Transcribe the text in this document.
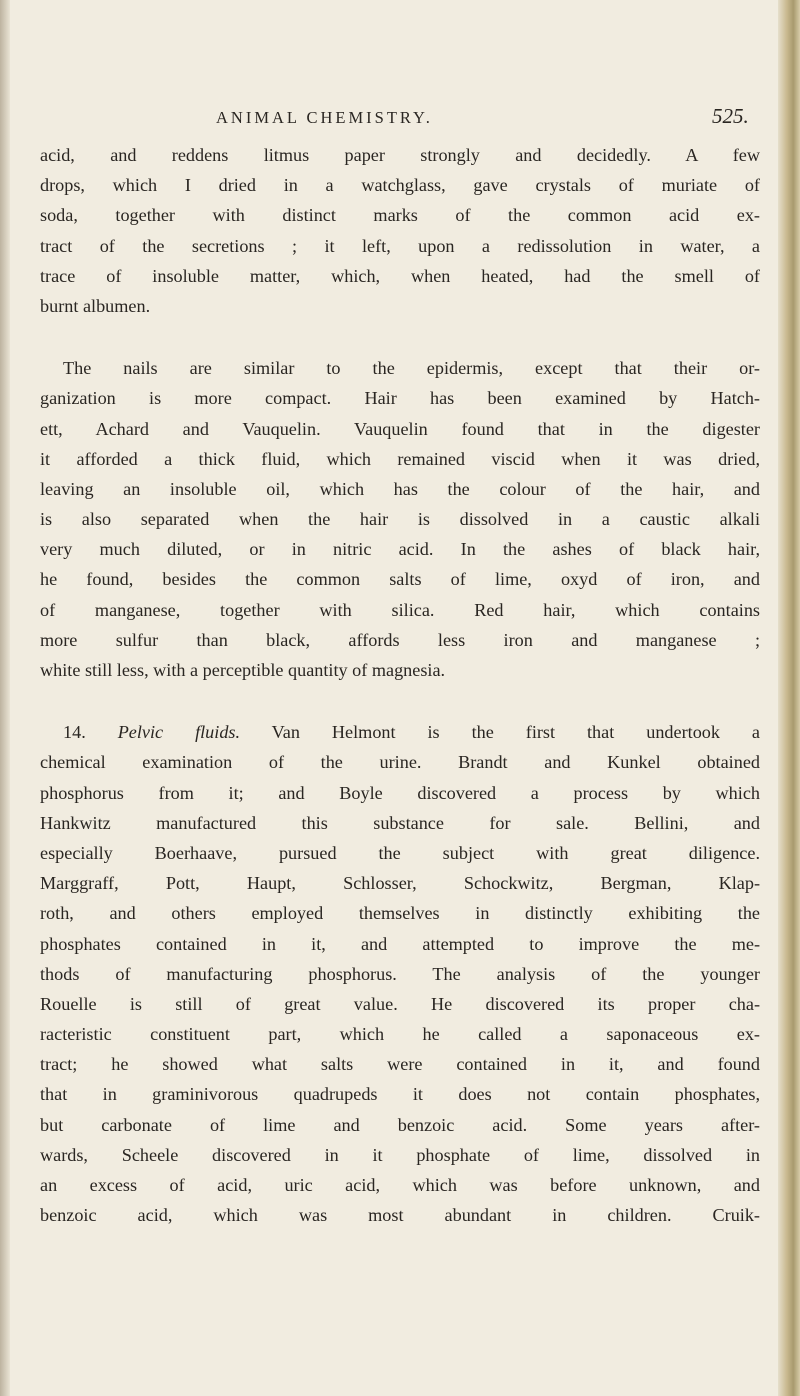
ANIMAL CHEMISTRY.	525.
acid, and reddens litmus paper strongly and decidedly. A few
drops, which I dried in a watchglass, gave crystals of muriate of
soda, together with distinct marks of the common acid ex-
tract of the secretions ; it left, upon a redissolution in water, a
trace of insoluble matter, which, when heated, had the smell of
burnt albumen.
The nails are similar to the epidermis, except that their or-
ganization is more compact. Hair has been examined by Hatch-
ett, Achard and Vauquelin. Vauquelin found that in the digester
it afforded a thick fluid, which remained viscid when it was dried,
leaving an insoluble oil, which has the colour of the hair, and
is also separated when the hair is dissolved in a caustic alkali
very much diluted, or in nitric acid. In the ashes of black hair,
he found, besides the common salts of lime, oxyd of iron, and
of manganese, together with silica. Red hair, which contains
more sulfur than black, affords less iron and manganese ;
white still less, with a perceptible quantity of magnesia.
14. Pelvic fluids. Van Helmont is the first that undertook a
chemical examination of the urine. Brandt and Kunkel obtained
phosphorus from it; and Boyle discovered a process by which
Hankwitz manufactured this substance for sale. Bellini, and
especially Boerhaave, pursued the subject with great diligence.
Marggraff, Pott, Haupt, Schlosser, Schockwitz, Bergman, Klap-
roth, and others employed themselves in distinctly exhibiting the
phosphates contained in it, and attempted to improve the me-
thods of manufacturing phosphorus. The analysis of the younger
Rouelle is still of great value. He discovered its proper cha-
racteristic constituent part, which he called a saponaceous ex-
tract; he showed what salts were contained in it, and found
that in graminivorous quadrupeds it does not contain phosphates,
but carbonate of lime and benzoic acid. Some years after-
wards, Scheele discovered in it phosphate of lime, dissolved in
an excess of acid, uric acid, which was before unknown, and
benzoic acid, which was most abundant in children. Cruik-
